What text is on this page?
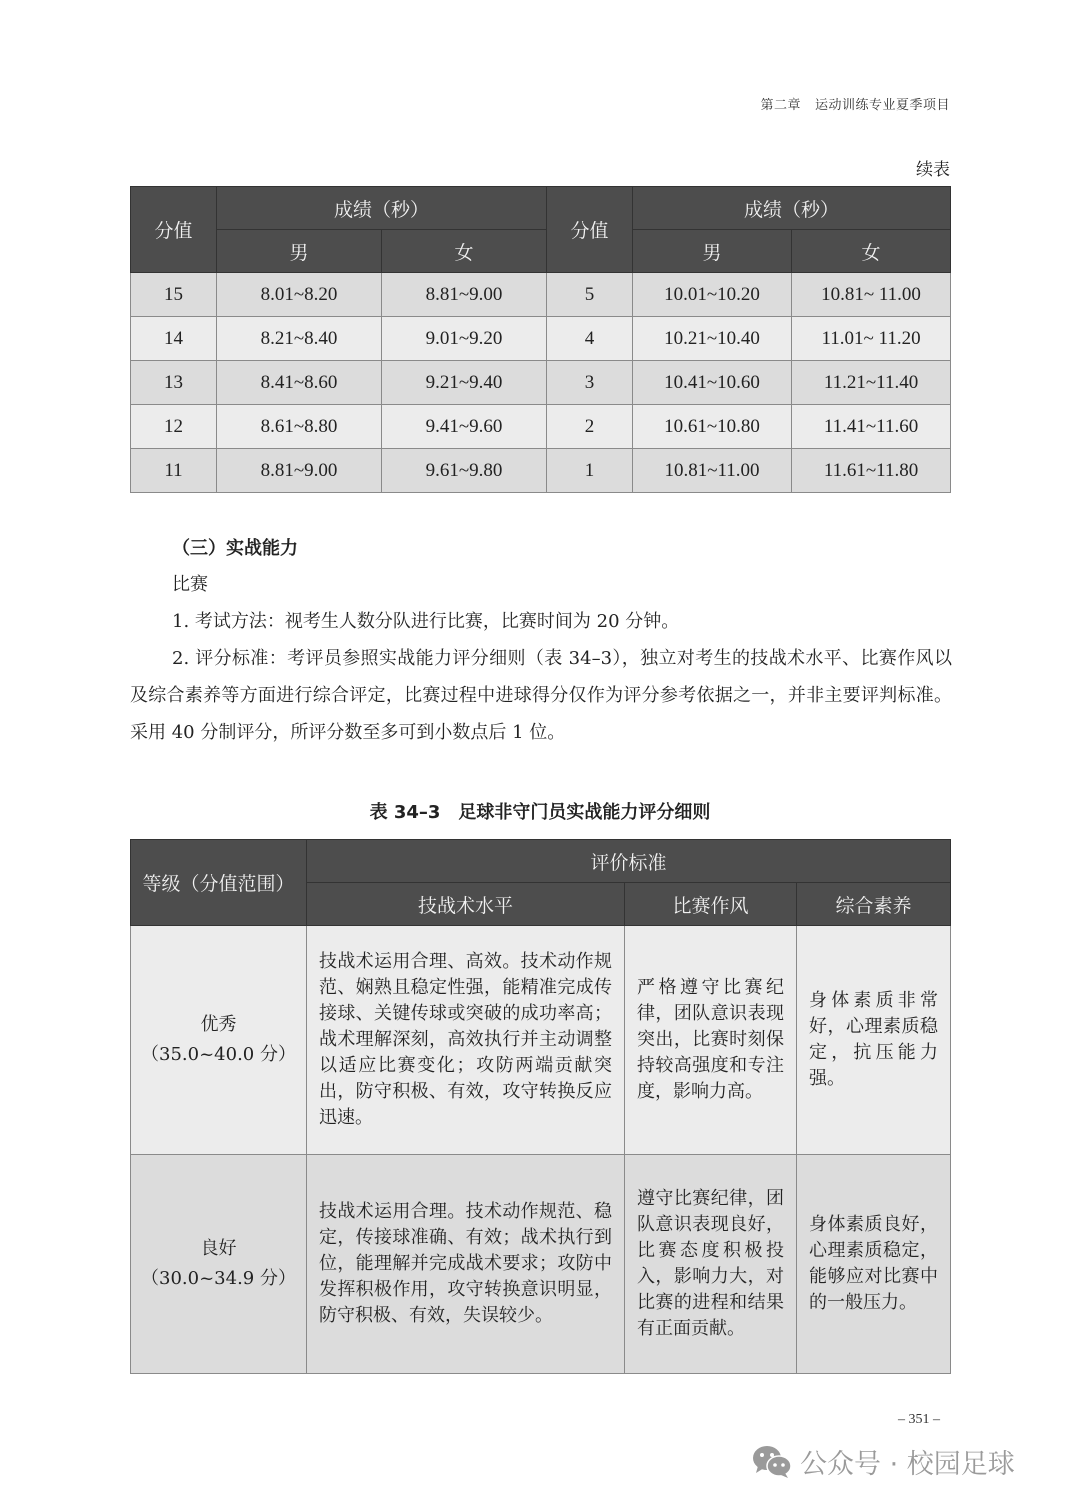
第二章 运动训练专业夏季项目
续表
分值	成绩（秒）		分值	成绩（秒）	
	男	女		男	女
15	8.01~8.20	8.81~9.00	5	10.01~10.20	10.81~ 11.00
14	8.21~8.40	9.01~9.20	4	10.21~10.40	11.01~ 11.20
13	8.41~8.60	9.21~9.40	3	10.41~10.60	11.21~11.40
12	8.61~8.80	9.41~9.60	2	10.61~10.80	11.41~11.60
11	8.81~9.00	9.61~9.80	1	10.81~11.00	11.61~11.80
（三）实战能力
比赛
1. 考试方法：视考生人数分队进行比赛，比赛时间为 20 分钟。
2. 评分标准：考评员参照实战能力评分细则（表 34–3），独立对考生的技战术水平、比赛作风以及综合素养等方面进行综合评定，比赛过程中进球得分仅作为评分参考依据之一，并非主要评判标准。采用 40 分制评分，所评分数至多可到小数点后 1 位。
表 34–3　足球非守门员实战能力评分细则
等级（分值范围）	评价标准		
	技战术水平	比赛作风	综合素养

优秀
（35.0~40.0 分）	技战术运用合理、高效。技术动作规范、娴熟且稳定性强，能精准完成传接球、关键传球或突破的成功率高；战术理解深刻，高效执行并主动调整以适应比赛变化；攻防两端贡献突出，防守积极、有效，攻守转换反应迅速。	严格遵守比赛纪律，团队意识表现突出，比赛时刻保持较高强度和专注度，影响力高。	身体素质非常好，心理素质稳定，抗压能力强。

良好
（30.0~34.9 分）	技战术运用合理。技术动作规范、稳定，传接球准确、有效；战术执行到位，能理解并完成战术要求；攻防中发挥积极作用，攻守转换意识明显，防守积极、有效，失误较少。	遵守比赛纪律，团队意识表现良好，比赛态度积极投入，影响力大，对比赛的进程和结果有正面贡献。	身体素质良好，心理素质稳定，能够应对比赛中的一般压力。
– 351 –
公众号 · 校园足球
